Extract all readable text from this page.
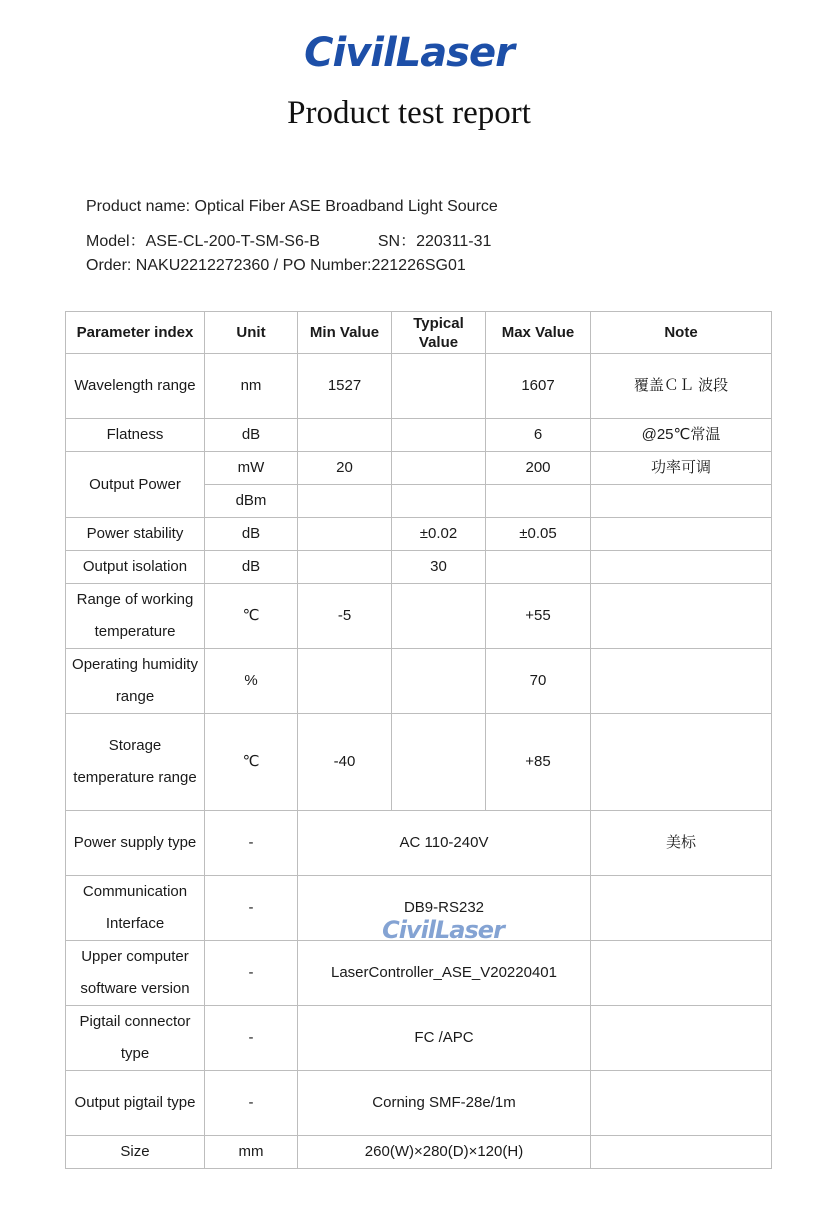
CivilLaser
Product test report
Product name: Optical Fiber ASE Broadband Light Source
Model：ASE-CL-200-T-SM-S6-B	SN：220311-31
Order: NAKU2212272360 / PO Number:221226SG01
Parameter index	Unit	Min Value	Typical Value	Max Value	Note
Wavelength range	nm	1527		1607	覆盖ＣＬ 波段
Flatness	dB			6	@25℃常温
Output Power	mW	20		200	功率可调
	dBm				
Power stability	dB		±0.02	±0.05	
Output isolation	dB		30		
Range of working temperature	℃	-5		+55	
Operating humidity range	%			70	
Storage temperature range	℃	-40		+85	
Power supply type	-	AC 110-240V			美标
Communication Interface	-	DB9-RS232			
Upper computer software version	-	LaserController_ASE_V20220401			
Pigtail connector type	-	FC /APC			
Output pigtail type	-	Corning SMF-28e/1m			
Size	mm	260(W)×280(D)×120(H)			
CivilLaser
